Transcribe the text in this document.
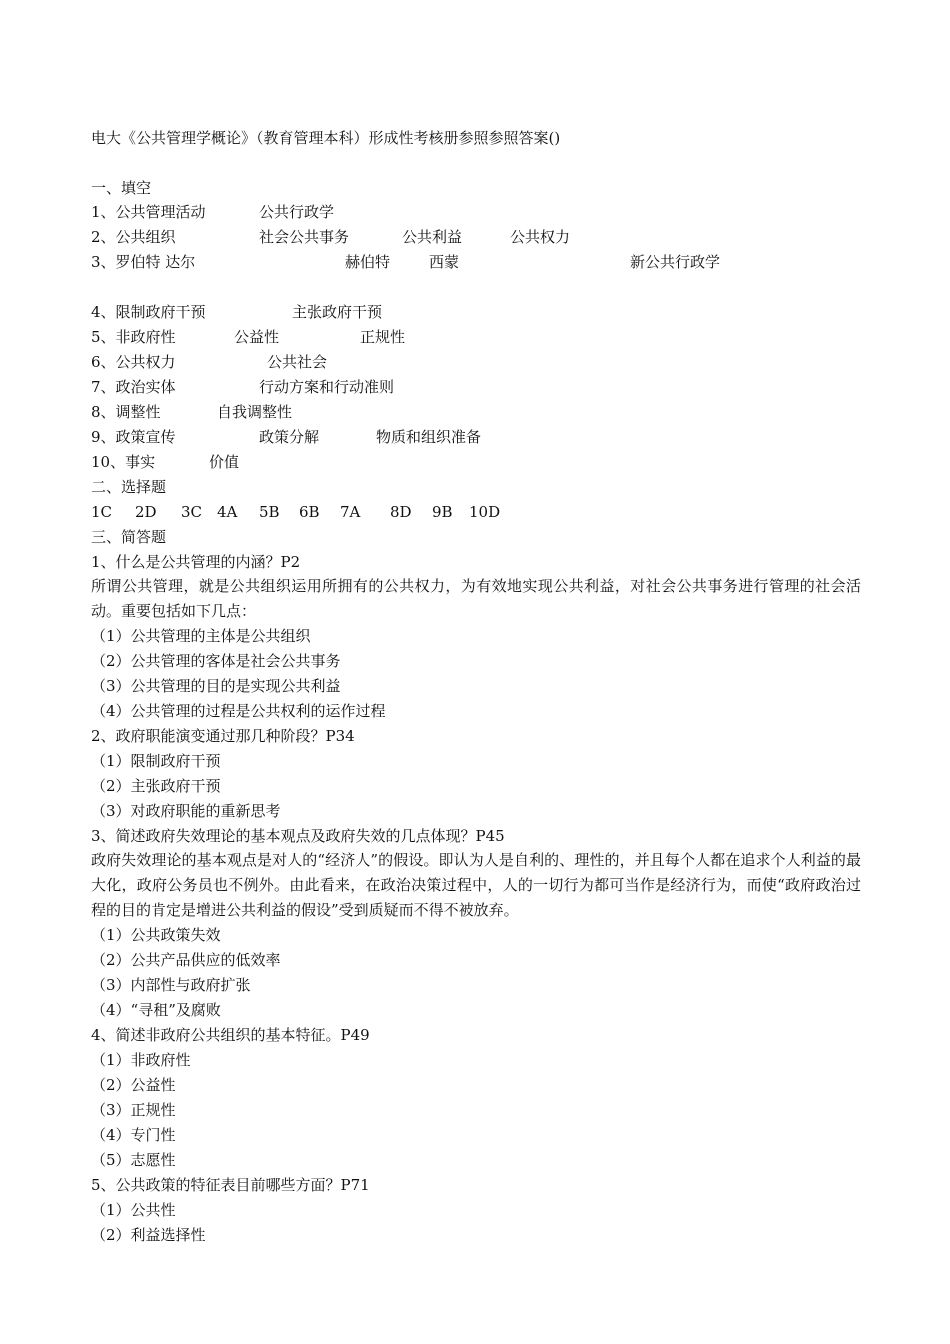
电大《公共管理学概论》（教育管理本科）形成性考核册参照参照答案()
一、填空
1、公共管理活动	公共行政学
2、公共组织	社会公共事务	公共利益	公共权力
3、罗伯特 达尔	赫伯特	西蒙	新公共行政学
4、限制政府干预	主张政府干预
5、非政府性	公益性	正规性
6、公共权力	公共社会
7、政治实体	行动方案和行动准则
8、调整性	自我调整性
9、政策宣传	政策分解	物质和组织准备
10、事实	价值
二、选择题
1C 2D 3C 4A 5B 6B 7A 8D 9B 10D
三、简答题
1、什么是公共管理的内涵？P2
所谓公共管理，就是公共组织运用所拥有的公共权力，为有效地实现公共利益，对社会公共事务进行管理的社会活动。重要包括如下几点：
（1）公共管理的主体是公共组织
（2）公共管理的客体是社会公共事务
（3）公共管理的目的是实现公共利益
（4）公共管理的过程是公共权利的运作过程
2、政府职能演变通过那几种阶段？P34
（1）限制政府干预
（2）主张政府干预
（3）对政府职能的重新思考
3、简述政府失效理论的基本观点及政府失效的几点体现？P45
政府失效理论的基本观点是对人的“经济人”的假设。即认为人是自利的、理性的，并且每个人都在追求个人利益的最大化，政府公务员也不例外。由此看来，在政治决策过程中，人的一切行为都可当作是经济行为，而使“政府政治过程的目的肯定是增进公共利益的假设”受到质疑而不得不被放弃。
（1）公共政策失效
（2）公共产品供应的低效率
（3）内部性与政府扩张
（4）“寻租”及腐败
4、简述非政府公共组织的基本特征。P49
（1）非政府性
（2）公益性
（3）正规性
（4）专门性
（5）志愿性
5、公共政策的特征表目前哪些方面？P71
（1）公共性
（2）利益选择性
